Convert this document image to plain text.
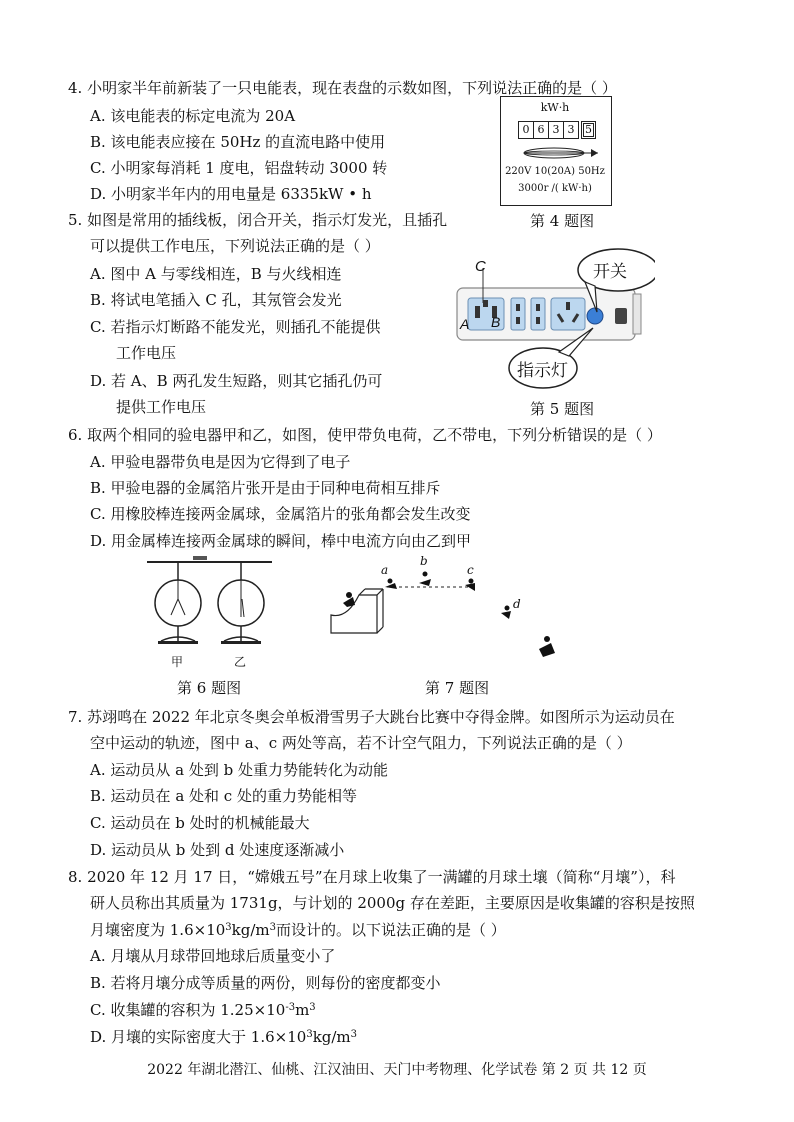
4. 小明家半年前新装了一只电能表，现在表盘的示数如图，下列说法正确的是（ ）
A. 该电能表的标定电流为 20A
B. 该电能表应接在 50Hz 的直流电路中使用
C. 小明家每消耗 1 度电，铝盘转动 3000 转
D. 小明家半年内的用电量是 6335kW • h
kW·h
0 6 3 3 5
220V 10(20A) 50Hz
3000r /( kW·h)
第 4 题图
5. 如图是常用的插线板，闭合开关，指示灯发光，且插孔
可以提供工作电压，下列说法正确的是（ ）
A. 图中 A 与零线相连，B 与火线相连
B. 将试电笔插入 C 孔，其氖管会发光
C. 若指示灯断路不能发光，则插孔不能提供
工作电压
D. 若 A、B 两孔发生短路，则其它插孔仍可
提供工作电压
C
A B
开关
指示灯
第 5 题图
6. 取两个相同的验电器甲和乙，如图，使甲带负电荷，乙不带电，下列分析错误的是（ ）
A. 甲验电器带负电是因为它得到了电子
B. 甲验电器的金属箔片张开是由于同种电荷相互排斥
C. 用橡胶棒连接两金属球，金属箔片的张角都会发生改变
D. 用金属棒连接两金属球的瞬间，棒中电流方向由乙到甲
甲	乙
第 6 题图
a
b
c
d
第 7 题图
7. 苏翊鸣在 2022 年北京冬奥会单板滑雪男子大跳台比赛中夺得金牌。如图所示为运动员在
空中运动的轨迹，图中 a、c 两处等高，若不计空气阻力，下列说法正确的是（ ）
A. 运动员从 a 处到 b 处重力势能转化为动能
B. 运动员在 a 处和 c 处的重力势能相等
C. 运动员在 b 处时的机械能最大
D. 运动员从 b 处到 d 处速度逐渐减小
8. 2020 年 12 月 17 日，“嫦娥五号”在月球上收集了一满罐的月球土壤（简称“月壤”），科
研人员称出其质量为 1731g，与计划的 2000g 存在差距，主要原因是收集罐的容积是按照
月壤密度为 $1.6\times 10^3kg/m^3$而设计的。以下说法正确的是（ ）
A. 月壤从月球带回地球后质量变小了
B. 若将月壤分成等质量的两份，则每份的密度都变小
C. 收集罐的容积为 $1.25\times 10^{-3}m^3$
D. 月壤的实际密度大于 $1.6\times 10^3kg/m^3$
2022 年湖北潜江、仙桃、江汉油田、天门中考物理、化学试卷 第 2 页 共 12 页
